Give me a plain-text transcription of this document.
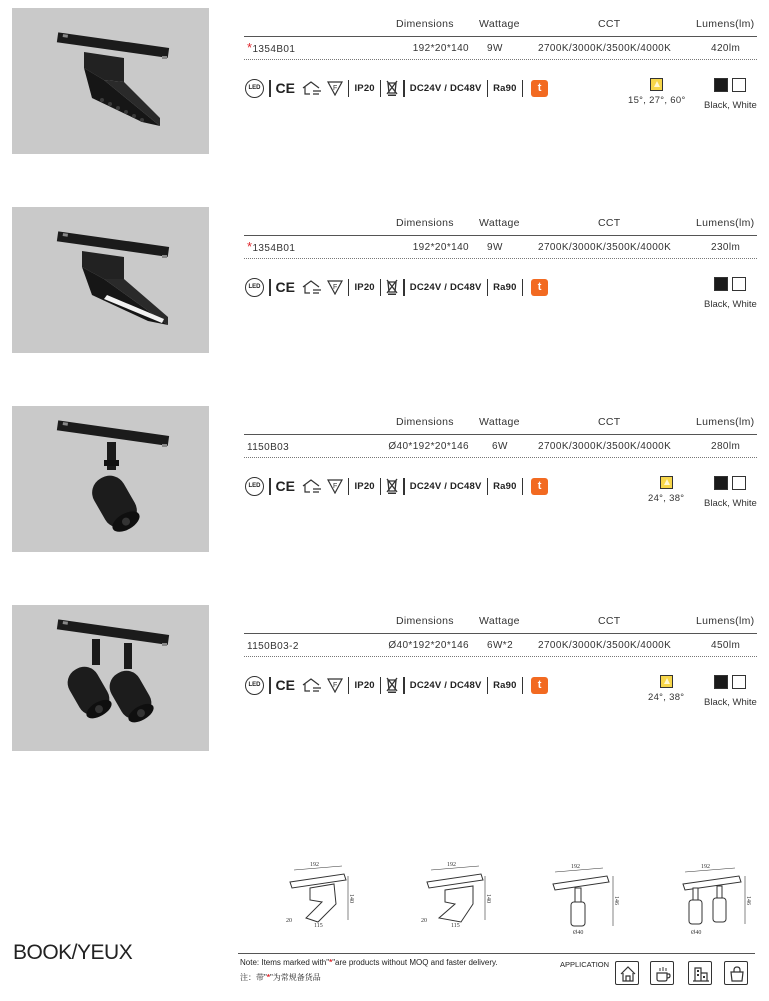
Dimensions Wattage	CCT	Lumens(lm)
*1354B01	192*20*140 9W	2700K/3000K/3500K/4000K	420lm
LED CE	F IP20	DC24V / DC48V Ra90	t
15°, 27°, 60° Black, White
Dimensions Wattage	CCT	Lumens(lm)
*1354B01	192*20*140 9W	2700K/3000K/3500K/4000K	230lm
LED CE	F IP20	DC24V / DC48V Ra90	t
Black, White
Dimensions Wattage	CCT	Lumens(lm)
1150B03	Ø40*192*20*146 6W	2700K/3000K/3500K/4000K	280lm
LED CE	F IP20	DC24V / DC48V Ra90	t
24°, 38° Black, White
Dimensions Wattage	CCT	Lumens(lm)
1150B03-2	Ø40*192*20*146 6W*2 2700K/3000K/3500K/4000K	450lm
LED CE	F IP20	DC24V / DC48V Ra90	t
24°, 38° Black, White
192
140
115
20
192
140
115
20
192
146
Ø40
192
146
Ø40
BOOK/YEUX	Note: Items marked with"*"are products without MOQ and faster delivery.
注：带"*"为常规备货品
APPLICATION
